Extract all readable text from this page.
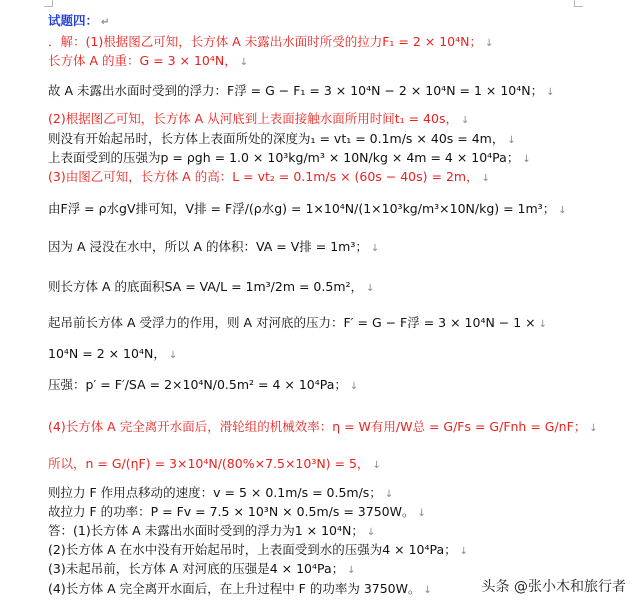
试题四： ↵
．解：(1)根据图乙可知，长方体 A 未露出水面时所受的拉力F₁ = 2 × 10⁴N； ↓
长方体 A 的重：G = 3 × 10⁴N， ↓
故 A 未露出水面时受到的浮力：F浮 = G − F₁ = 3 × 10⁴N − 2 × 10⁴N = 1 × 10⁴N； ↓
(2)根据图乙可知，长方体 A 从河底到上表面接触水面所用时间t₁ = 40s， ↓
则没有开始起吊时，长方体上表面所处的深度为₁ = vt₁ = 0.1m/s × 40s = 4m， ↓
上表面受到的压强为p = ρgh = 1.0 × 10³kg/m³ × 10N/kg × 4m = 4 × 10⁴Pa； ↓
(3)由图乙可知，长方体 A 的高：L = vt₂ = 0.1m/s × (60s − 40s) = 2m， ↓
由F浮 = ρ水gV排可知，V排 = F浮/(ρ水g) = 1×10⁴N/(1×10³kg/m³×10N/kg) = 1m³； ↓
因为 A 浸没在水中，所以 A 的体积：VA = V排 = 1m³； ↓
则长方体 A 的底面积SA = VA/L = 1m³/2m = 0.5m²， ↓
起吊前长方体 A 受浮力的作用，则 A 对河底的压力：F′ = G − F浮 = 3 × 10⁴N − 1 × ↓
10⁴N = 2 × 10⁴N， ↓
压强：p′ = F′/SA = 2×10⁴N/0.5m² = 4 × 10⁴Pa； ↓
(4)长方体 A 完全离开水面后，滑轮组的机械效率：η = W有用/W总 = G/Fs = G/Fnh = G/nF； ↓
所以，n = G/(ηF) = 3×10⁴N/(80%×7.5×10³N) = 5， ↓
则拉力 F 作用点移动的速度：v = 5 × 0.1m/s = 0.5m/s； ↓
故拉力 F 的功率：P = Fv = 7.5 × 10³N × 0.5m/s = 3750W。 ↓
答：(1)长方体 A 未露出水面时受到的浮力为1 × 10⁴N； ↓
(2)长方体 A 在水中没有开始起吊时，上表面受到水的压强为4 × 10⁴Pa； ↓
(3)未起吊前，长方体 A 对河底的压强是4 × 10⁴Pa； ↓
(4)长方体 A 完全离开水面后，在上升过程中 F 的功率为 3750W。 ↓	头条 @张小木和旅行者
